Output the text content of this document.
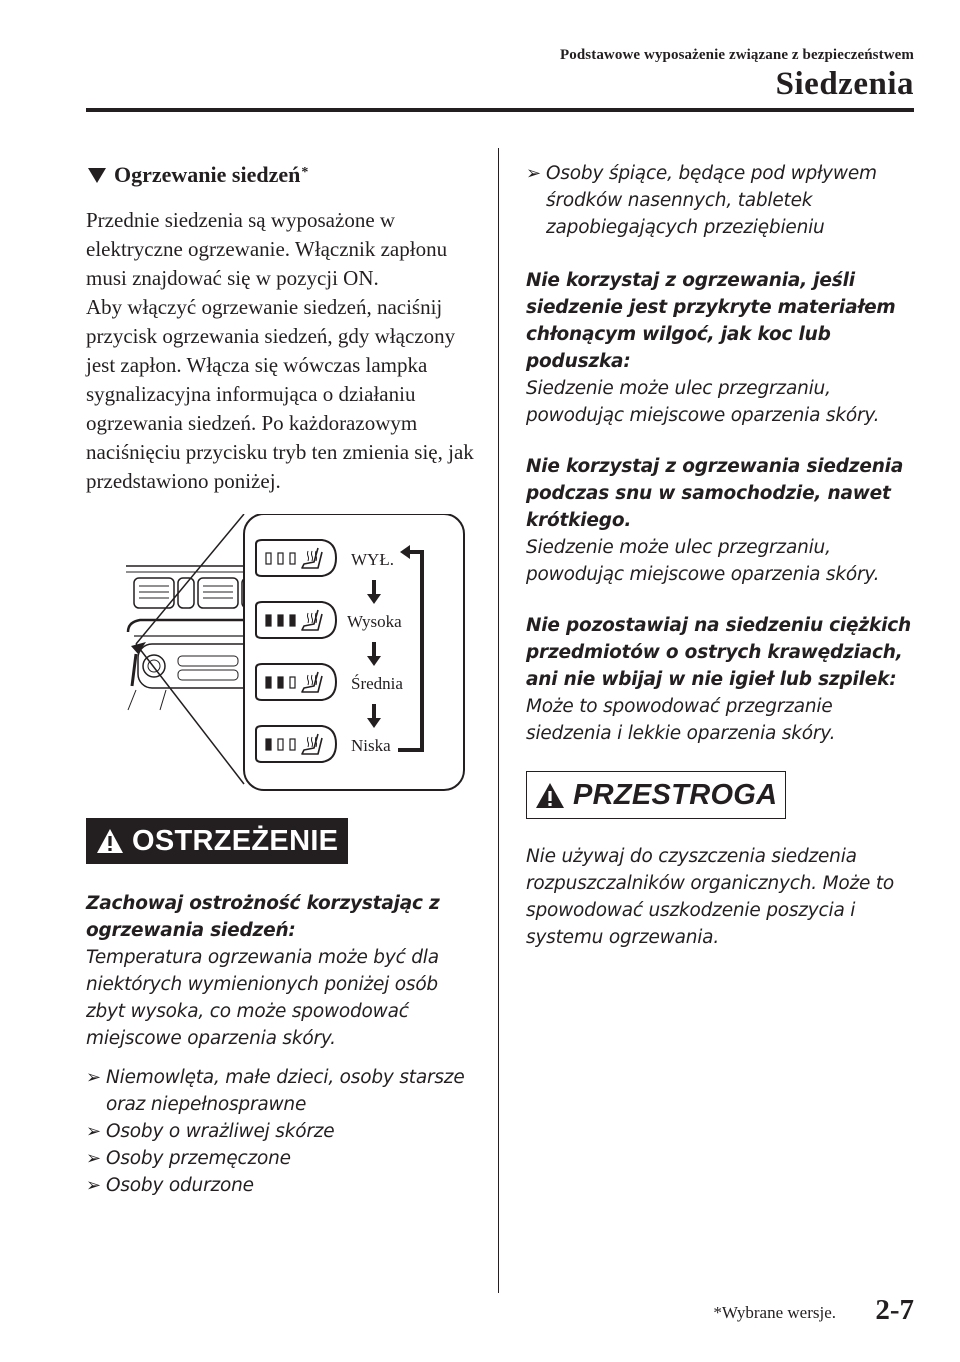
Podstawowe wyposażenie związane z bezpieczeństwem
Siedzenia
Ogrzewanie siedzeń*

Przednie siedzenia są wyposażone w elektryczne ogrzewanie. Włącznik zapłonu musi znajdować się w pozycji ON.

Aby włączyć ogrzewanie siedzeń, naciśnij przycisk ogrzewania siedzeń, gdy włączony jest zapłon. Włącza się wówczas lampka sygnalizacyjna informująca o działaniu ogrzewania siedzeń. Po każdorazowym naciśnięciu przycisku tryb ten zmienia się, jak przedstawiono poniżej.

WYŁ.
Wysoka
Średnia
Niska
OSTRZEŻENIE

Zachowaj ostrożność korzystając z ogrzewania siedzeń:

Temperatura ogrzewania może być dla niektórych wymienionych poniżej osób zbyt wysoka, co może spowodować miejscowe oparzenia skóry.

➢ Niemowlęta, małe dzieci, osoby starsze oraz niepełnosprawne
➢ Osoby o wrażliwej skórze
➢ Osoby przemęczone
➢ Osoby odurzone
➢ Osoby śpiące, będące pod wpływem środków nasennych, tabletek zapobiegających przeziębieniu

Nie korzystaj z ogrzewania, jeśli siedzenie jest przykryte materiałem chłonącym wilgoć, jak koc lub poduszka:

Siedzenie może ulec przegrzaniu, powodując miejscowe oparzenia skóry.

Nie korzystaj z ogrzewania siedzenia podczas snu w samochodzie, nawet krótkiego.

Siedzenie może ulec przegrzaniu, powodując miejscowe oparzenia skóry.

Nie pozostawiaj na siedzeniu ciężkich przedmiotów o ostrych krawędziach, ani nie wbijaj w nie igieł lub szpilek:

Może to spowodować przegrzanie siedzenia i lekkie oparzenia skóry.

PRZESTROGA

Nie używaj do czyszczenia siedzenia rozpuszczalników organicznych. Może to spowodować uszkodzenie poszycia i systemu ogrzewania.

*Wybrane wersje. 2-7
